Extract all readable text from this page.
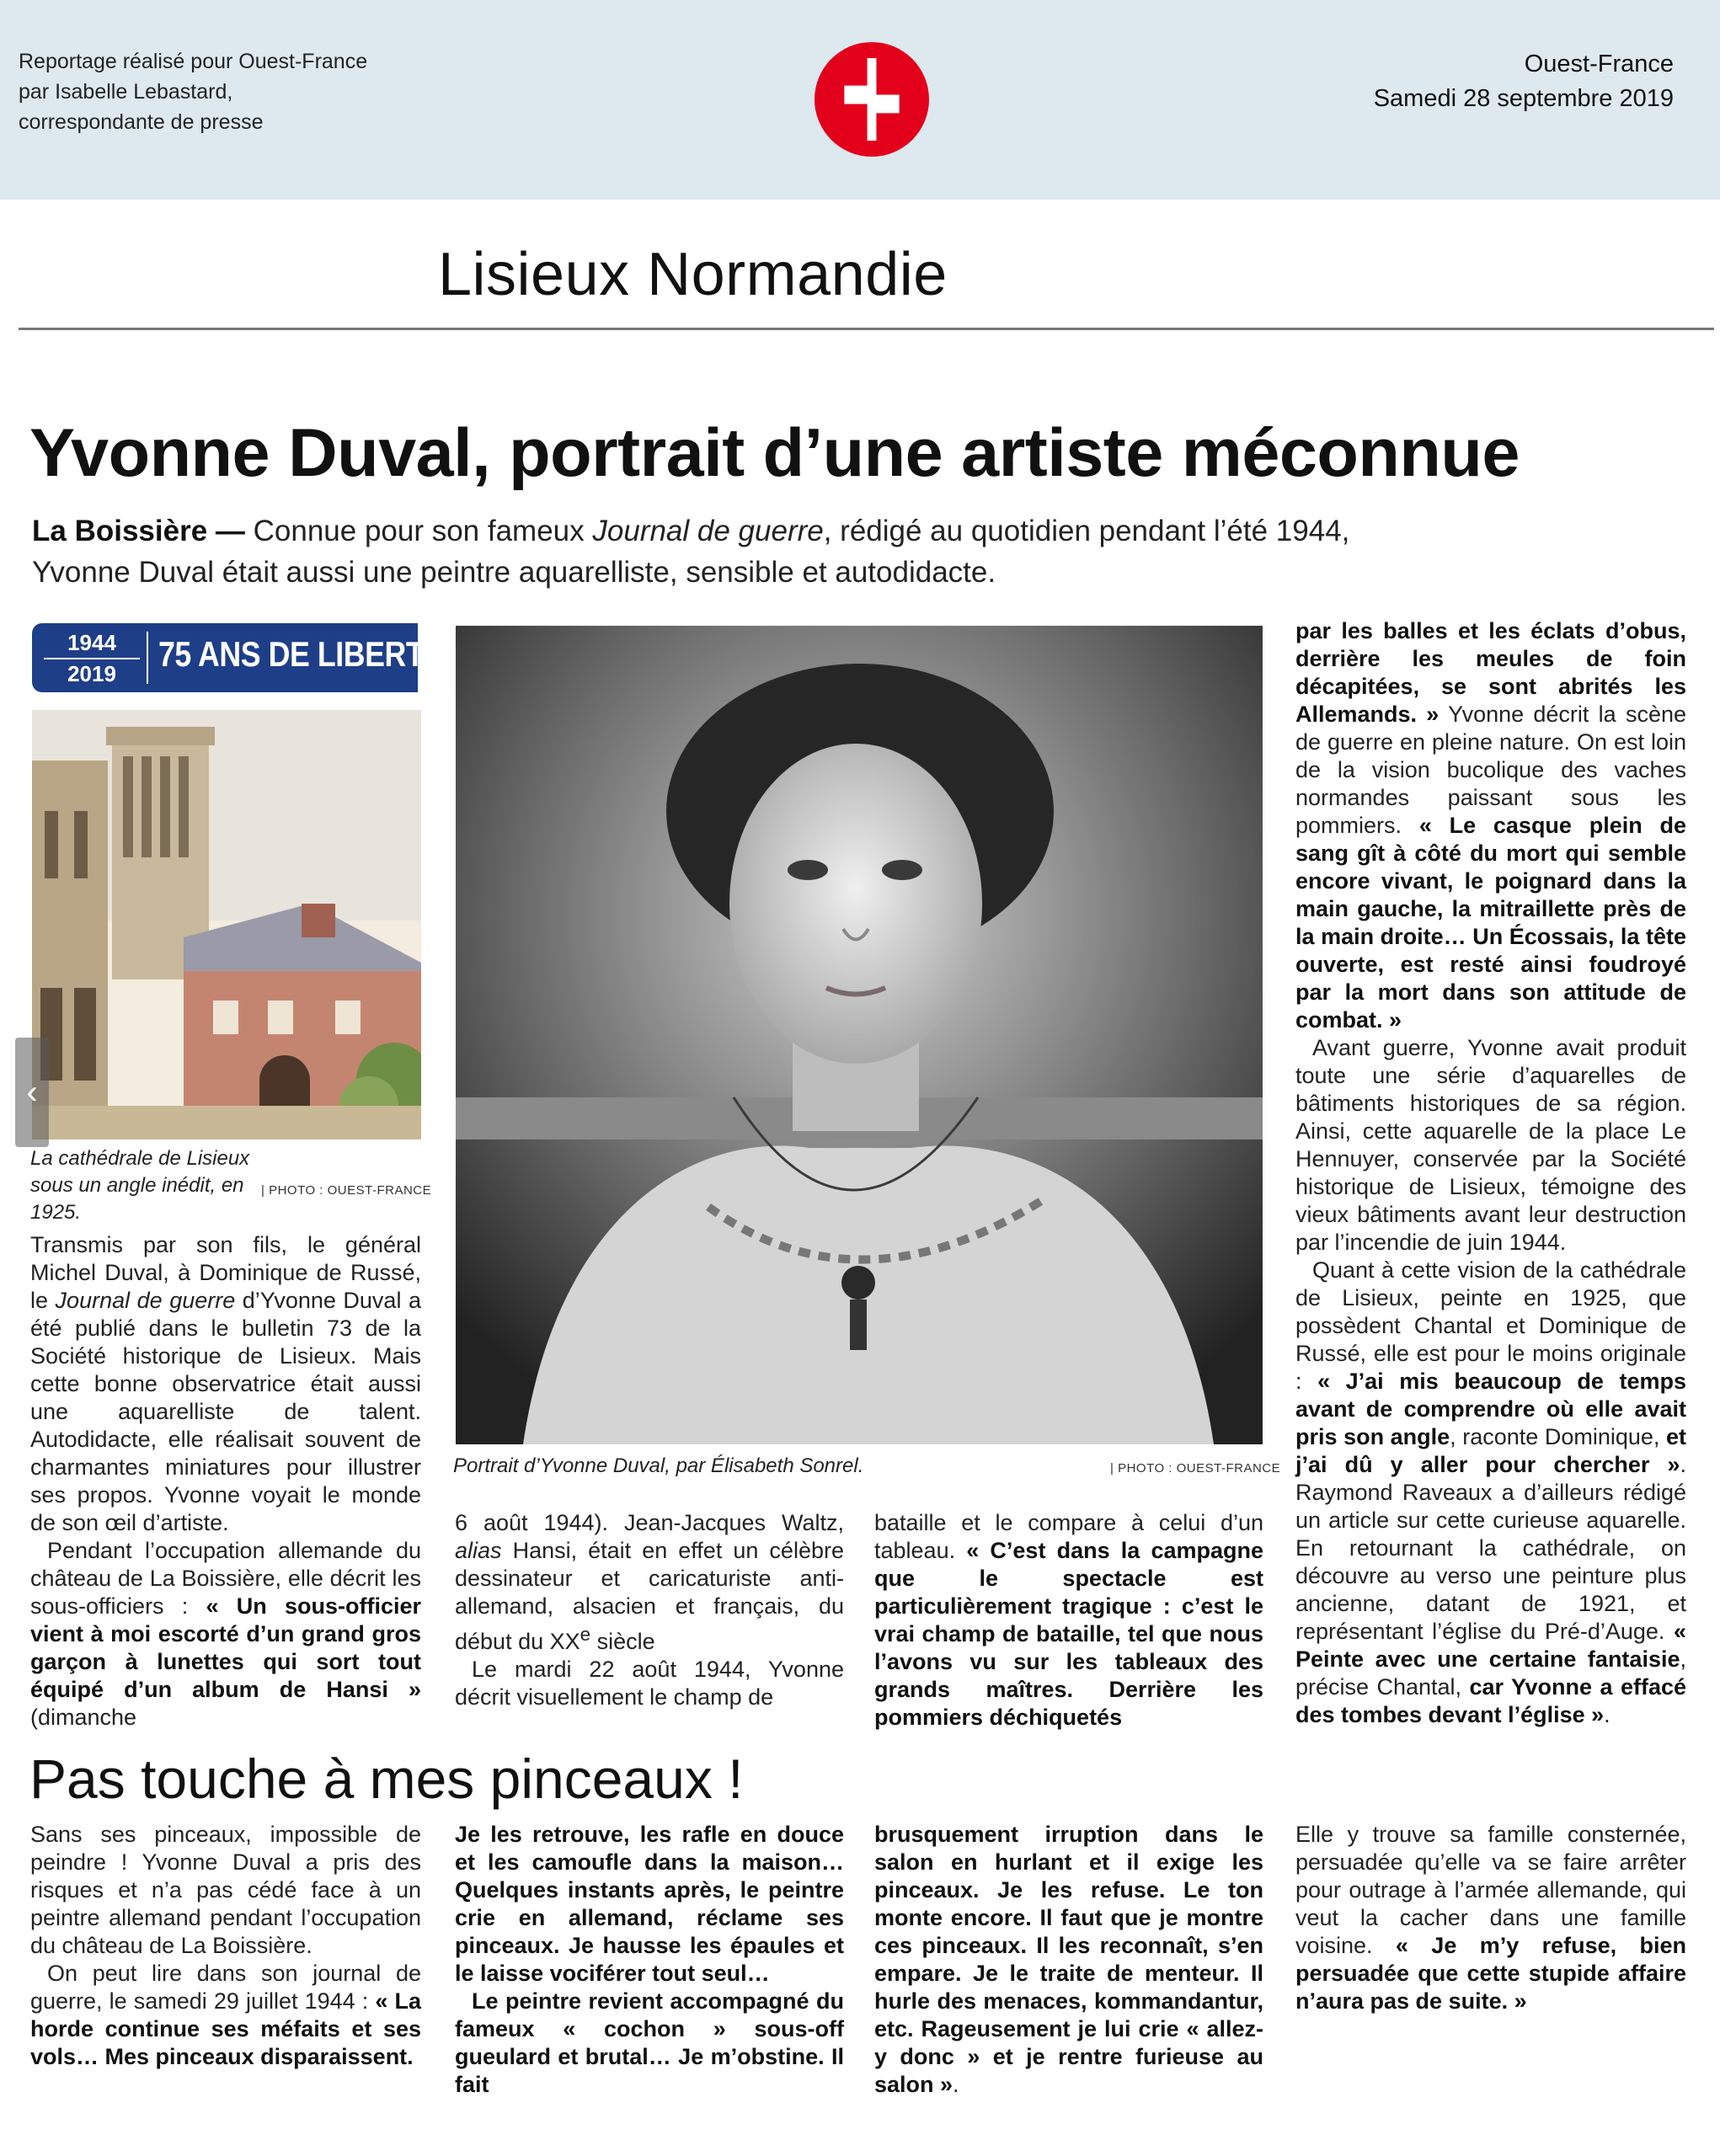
Reportage réalisé pour Ouest-France
par Isabelle Lebastard,
correspondante de presse
Ouest-France
Samedi 28 septembre 2019
Lisieux Normandie
Yvonne Duval, portrait d’une artiste méconnue
La Boissière — Connue pour son fameux Journal de guerre, rédigé au quotidien pendant l’été 1944, Yvonne Duval était aussi une peintre aquarelliste, sensible et autodidacte.
1944
2019	75 ANS DE LIBERTÉ
‹
La cathédrale de Lisieux sous un angle inédit, en 1925.
| PHOTO : OUEST-FRANCE
Portrait d’Yvonne Duval, par Élisabeth Sonrel.	| PHOTO : OUEST-FRANCE

Transmis par son fils, le général Michel Duval, à Dominique de Russé, le Journal de guerre d’Yvonne Duval a été publié dans le bulletin 73 de la Société historique de Lisieux. Mais cette bonne observatrice était aussi une aquarelliste de talent. Autodidacte, elle réalisait souvent de charmantes miniatures pour illustrer ses propos. Yvonne voyait le monde de son œil d’artiste.

Pendant l’occupation allemande du château de La Boissière, elle décrit les sous-officiers : « Un sous-officier vient à moi escorté d’un grand gros garçon à lunettes qui sort tout équipé d’un album de Hansi » (dimanche

6 août 1944). Jean-Jacques Waltz, alias Hansi, était en effet un célèbre dessinateur et caricaturiste anti-allemand, alsacien et français, du début du XXe siècle

Le mardi 22 août 1944, Yvonne décrit visuellement le champ de

bataille et le compare à celui d’un tableau. « C’est dans la campagne que le spectacle est particulièrement tragique : c’est le vrai champ de bataille, tel que nous l’avons vu sur les tableaux des grands maîtres. Derrière les pommiers déchiquetés

par les balles et les éclats d’obus, derrière les meules de foin décapitées, se sont abrités les Allemands. » Yvonne décrit la scène de guerre en pleine nature. On est loin de la vision bucolique des vaches normandes paissant sous les pommiers. « Le casque plein de sang gît à côté du mort qui semble encore vivant, le poignard dans la main gauche, la mitraillette près de la main droite… Un Écossais, la tête ouverte, est resté ainsi foudroyé par la mort dans son attitude de combat. »

Avant guerre, Yvonne avait produit toute une série d’aquarelles de bâtiments historiques de sa région. Ainsi, cette aquarelle de la place Le Hennuyer, conservée par la Société historique de Lisieux, témoigne des vieux bâtiments avant leur destruction par l’incendie de juin 1944.

Quant à cette vision de la cathédrale de Lisieux, peinte en 1925, que possèdent Chantal et Dominique de Russé, elle est pour le moins originale : « J’ai mis beaucoup de temps avant de comprendre où elle avait pris son angle, raconte Dominique, et j’ai dû y aller pour chercher ». Raymond Raveaux a d’ailleurs rédigé un article sur cette curieuse aquarelle. En retournant la cathédrale, on découvre au verso une peinture plus ancienne, datant de 1921, et représentant l’église du Pré-d’Auge. « Peinte avec une certaine fantaisie, précise Chantal, car Yvonne a effacé des tombes devant l’église ».

Pas touche à mes pinceaux !

Sans ses pinceaux, impossible de peindre ! Yvonne Duval a pris des risques et n’a pas cédé face à un peintre allemand pendant l’occupation du château de La Boissière.

On peut lire dans son journal de guerre, le samedi 29 juillet 1944 : « La horde continue ses méfaits et ses vols… Mes pinceaux disparaissent.

Je les retrouve, les rafle en douce et les camoufle dans la maison… Quelques instants après, le peintre crie en allemand, réclame ses pinceaux. Je hausse les épaules et le laisse vociférer tout seul…

Le peintre revient accompagné du fameux « cochon » sous-off gueulard et brutal… Je m’obstine. Il fait

brusquement irruption dans le salon en hurlant et il exige les pinceaux. Je les refuse. Le ton monte encore. Il faut que je montre ces pinceaux. Il les reconnaît, s’en empare. Je le traite de menteur. Il hurle des menaces, kommandantur, etc. Rageusement je lui crie « allez-y donc » et je rentre furieuse au salon ».

Elle y trouve sa famille consternée, persuadée qu’elle va se faire arrêter pour outrage à l’armée allemande, qui veut la cacher dans une famille voisine. « Je m’y refuse, bien persuadée que cette stupide affaire n’aura pas de suite. »
